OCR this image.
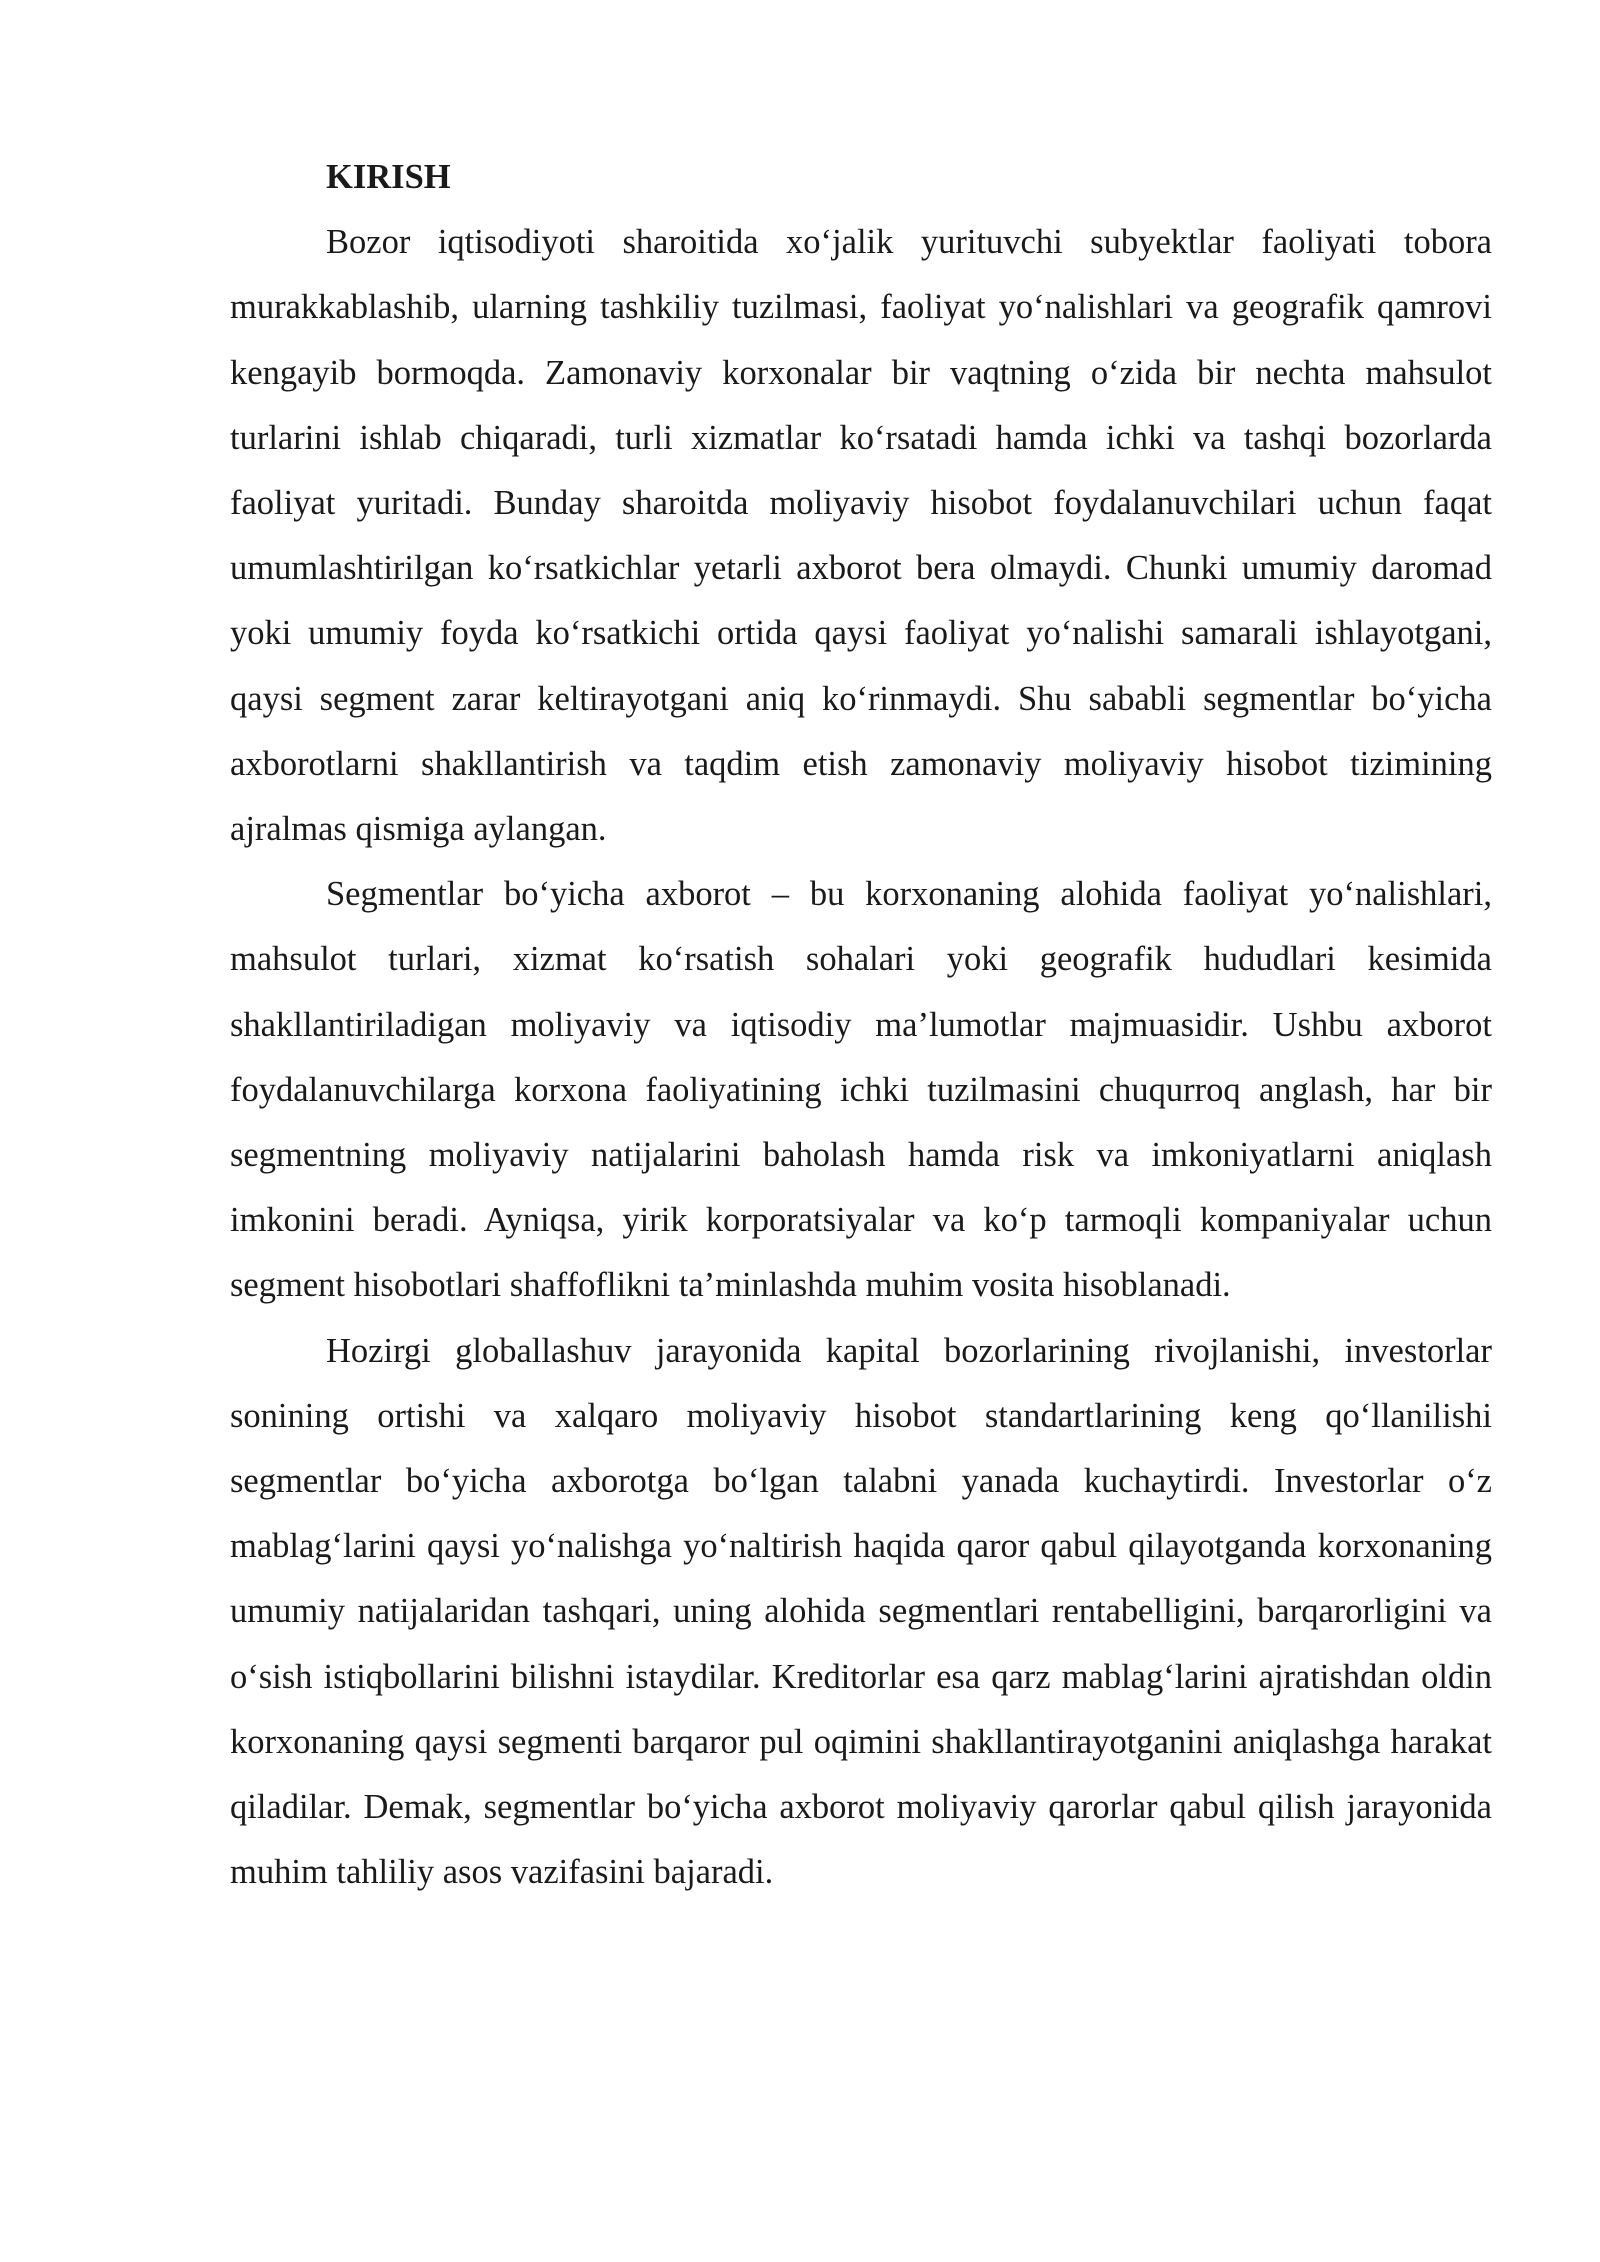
KIRISH

Bozor iqtisodiyoti sharoitida xo‘jalik yurituvchi subyektlar faoliyati tobora murakkablashib, ularning tashkiliy tuzilmasi, faoliyat yo‘nalishlari va geografik qamrovi kengayib bormoqda. Zamonaviy korxonalar bir vaqtning o‘zida bir nechta mahsulot turlarini ishlab chiqaradi, turli xizmatlar ko‘rsatadi hamda ichki va tashqi bozorlarda faoliyat yuritadi. Bunday sharoitda moliyaviy hisobot foydalanuvchilari uchun faqat umumlashtirilgan ko‘rsatkichlar yetarli axborot bera olmaydi. Chunki umumiy daromad yoki umumiy foyda ko‘rsatkichi ortida qaysi faoliyat yo‘nalishi samarali ishlayotgani, qaysi segment zarar keltirayotgani aniq ko‘rinmaydi. Shu sababli segmentlar bo‘yicha axborotlarni shakllantirish va taqdim etish zamonaviy moliyaviy hisobot tizimining ajralmas qismiga aylangan.

Segmentlar bo‘yicha axborot – bu korxonaning alohida faoliyat yo‘nalishlari, mahsulot turlari, xizmat ko‘rsatish sohalari yoki geografik hududlari kesimida shakllantiriladigan moliyaviy va iqtisodiy ma’lumotlar majmuasidir. Ushbu axborot foydalanuvchilarga korxona faoliyatining ichki tuzilmasini chuqurroq anglash, har bir segmentning moliyaviy natijalarini baholash hamda risk va imkoniyatlarni aniqlash imkonini beradi. Ayniqsa, yirik korporatsiyalar va ko‘p tarmoqli kompaniyalar uchun segment hisobotlari shaffoflikni ta’minlashda muhim vosita hisoblanadi.

Hozirgi globallashuv jarayonida kapital bozorlarining rivojlanishi, investorlar sonining ortishi va xalqaro moliyaviy hisobot standartlarining keng qo‘llanilishi segmentlar bo‘yicha axborotga bo‘lgan talabni yanada kuchaytirdi. Investorlar o‘z mablag‘larini qaysi yo‘nalishga yo‘naltirish haqida qaror qabul qilayotganda korxonaning umumiy natijalaridan tashqari, uning alohida segmentlari rentabelligini, barqarorligini va o‘sish istiqbollarini bilishni istaydilar. Kreditorlar esa qarz mablag‘larini ajratishdan oldin korxonaning qaysi segmenti barqaror pul oqimini shakllantirayotganini aniqlashga harakat qiladilar. Demak, segmentlar bo‘yicha axborot moliyaviy qarorlar qabul qilish jarayonida muhim tahliliy asos vazifasini bajaradi.
